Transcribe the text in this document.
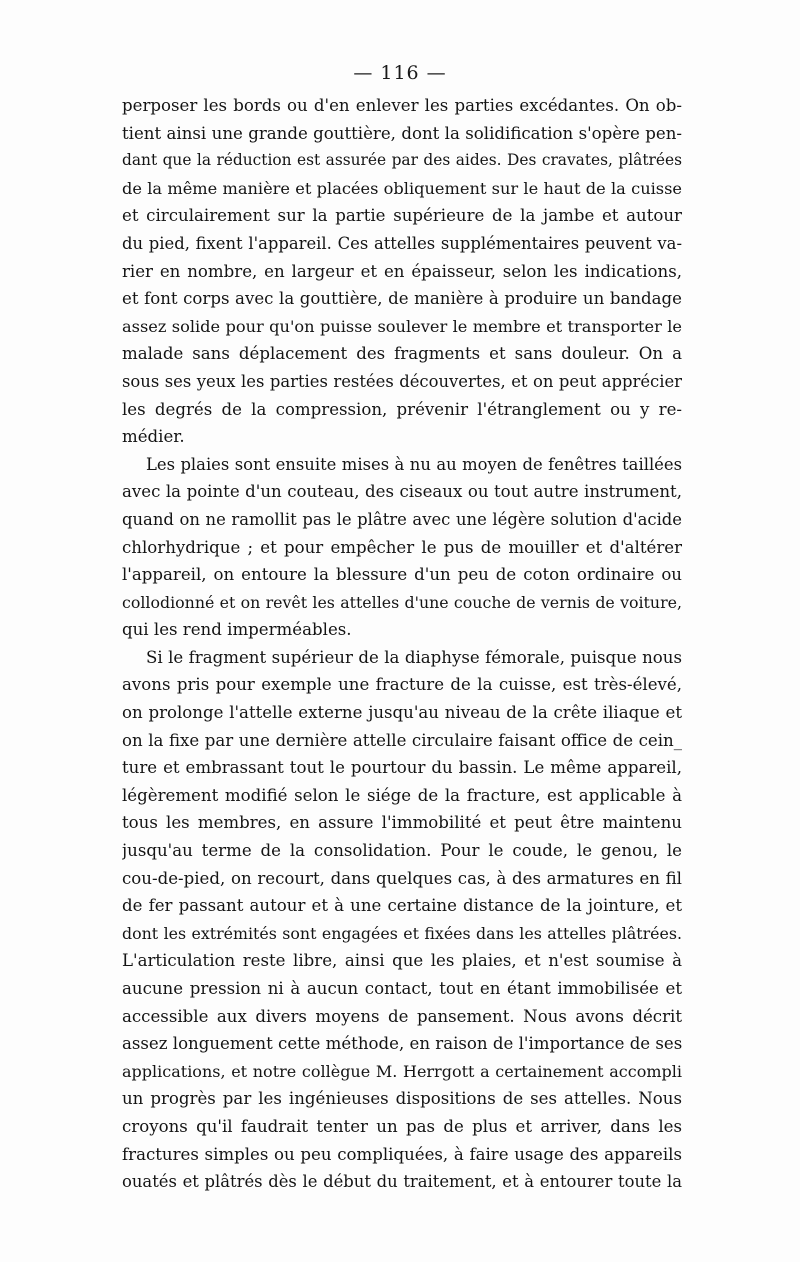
— 116 —
perposer les bords ou d'en enlever les parties excédantes. On ob-
tient ainsi une grande gouttière, dont la solidification s'opère pen-
dant que la réduction est assurée par des aides. Des cravates, plâtrées
de la même manière et placées obliquement sur le haut de la cuisse
et circulairement sur la partie supérieure de la jambe et autour
du pied, fixent l'appareil. Ces attelles supplémentaires peuvent va-
rier en nombre, en largeur et en épaisseur, selon les indications,
et font corps avec la gouttière, de manière à produire un bandage
assez solide pour qu'on puisse soulever le membre et transporter le
malade sans déplacement des fragments et sans douleur. On a
sous ses yeux les parties restées découvertes, et on peut apprécier
les degrés de la compression, prévenir l'étranglement ou y re-
médier.
Les plaies sont ensuite mises à nu au moyen de fenêtres taillées
avec la pointe d'un couteau, des ciseaux ou tout autre instrument,
quand on ne ramollit pas le plâtre avec une légère solution d'acide
chlorhydrique ; et pour empêcher le pus de mouiller et d'altérer
l'appareil, on entoure la blessure d'un peu de coton ordinaire ou
collodionné et on revêt les attelles d'une couche de vernis de voiture,
qui les rend imperméables.
Si le fragment supérieur de la diaphyse fémorale, puisque nous
avons pris pour exemple une fracture de la cuisse, est très-élevé,
on prolonge l'attelle externe jusqu'au niveau de la crête iliaque et
on la fixe par une dernière attelle circulaire faisant office de cein_
ture et embrassant tout le pourtour du bassin. Le même appareil,
légèrement modifié selon le siége de la fracture, est applicable à
tous les membres, en assure l'immobilité et peut être maintenu
jusqu'au terme de la consolidation. Pour le coude, le genou, le
cou-de-pied, on recourt, dans quelques cas, à des armatures en fil
de fer passant autour et à une certaine distance de la jointure, et
dont les extrémités sont engagées et fixées dans les attelles plâtrées.
L'articulation reste libre, ainsi que les plaies, et n'est soumise à
aucune pression ni à aucun contact, tout en étant immobilisée et
accessible aux divers moyens de pansement. Nous avons décrit
assez longuement cette méthode, en raison de l'importance de ses
applications, et notre collègue M. Herrgott a certainement accompli
un progrès par les ingénieuses dispositions de ses attelles. Nous
croyons qu'il faudrait tenter un pas de plus et arriver, dans les
fractures simples ou peu compliquées, à faire usage des appareils
ouatés et plâtrés dès le début du traitement, et à entourer toute la
